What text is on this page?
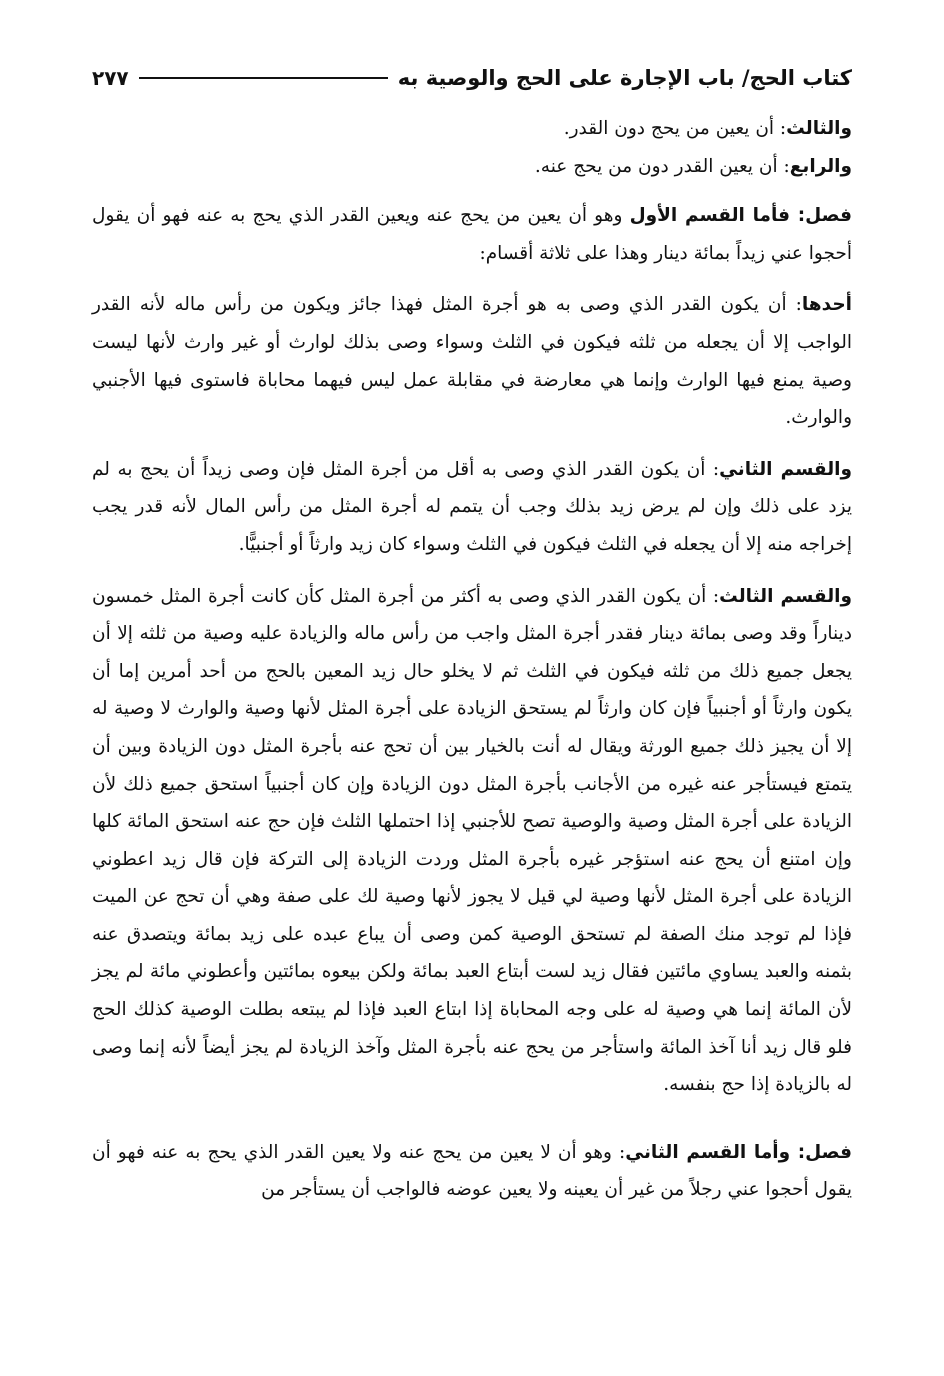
كتاب الحج/ باب الإجارة على الحج والوصية به
٢٧٧

والثالث: أن يعين من يحج دون القدر.

والرابع: أن يعين القدر دون من يحج عنه.

فصل: فأما القسم الأول وهو أن يعين من يحج عنه ويعين القدر الذي يحج به عنه فهو أن يقول أحجوا عني زيداً بمائة دينار وهذا على ثلاثة أقسام:

أحدها: أن يكون القدر الذي وصى به هو أجرة المثل فهذا جائز ويكون من رأس ماله لأنه القدر الواجب إلا أن يجعله من ثلثه فيكون في الثلث وسواء وصى بذلك لوارث أو غير وارث لأنها ليست وصية يمنع فيها الوارث وإنما هي معارضة في مقابلة عمل ليس فيهما محاباة فاستوى فيها الأجنبي والوارث.

والقسم الثاني: أن يكون القدر الذي وصى به أقل من أجرة المثل فإن وصى زيداً أن يحج به لم يزد على ذلك وإن لم يرض زيد بذلك وجب أن يتمم له أجرة المثل من رأس المال لأنه قدر يجب إخراجه منه إلا أن يجعله في الثلث فيكون في الثلث وسواء كان زيد وارثاً أو أجنبيًّا.

والقسم الثالث: أن يكون القدر الذي وصى به أكثر من أجرة المثل كأن كانت أجرة المثل خمسون ديناراً وقد وصى بمائة دينار فقدر أجرة المثل واجب من رأس ماله والزيادة عليه وصية من ثلثه إلا أن يجعل جميع ذلك من ثلثه فيكون في الثلث ثم لا يخلو حال زيد المعين بالحج من أحد أمرين إما أن يكون وارثاً أو أجنبياً فإن كان وارثاً لم يستحق الزيادة على أجرة المثل لأنها وصية والوارث لا وصية له إلا أن يجيز ذلك جميع الورثة ويقال له أنت بالخيار بين أن تحج عنه بأجرة المثل دون الزيادة وبين أن يتمتع فيستأجر عنه غيره من الأجانب بأجرة المثل دون الزيادة وإن كان أجنبياً استحق جميع ذلك لأن الزيادة على أجرة المثل وصية والوصية تصح للأجنبي إذا احتملها الثلث فإن حج عنه استحق المائة كلها وإن امتنع أن يحج عنه استؤجر غيره بأجرة المثل وردت الزيادة إلى التركة فإن قال زيد اعطوني الزيادة على أجرة المثل لأنها وصية لي قيل لا يجوز لأنها وصية لك على صفة وهي أن تحج عن الميت فإذا لم توجد منك الصفة لم تستحق الوصية كمن وصى أن يباع عبده على زيد بمائة ويتصدق عنه بثمنه والعبد يساوي مائتين فقال زيد لست أبتاع العبد بمائة ولكن بيعوه بمائتين وأعطوني مائة لم يجز لأن المائة إنما هي وصية له على وجه المحاباة إذا ابتاع العبد فإذا لم يبتعه بطلت الوصية كذلك الحج فلو قال زيد أنا آخذ المائة واستأجر من يحج عنه بأجرة المثل وآخذ الزيادة لم يجز أيضاً لأنه إنما وصى له بالزيادة إذا حج بنفسه.

فصل: وأما القسم الثاني: وهو أن لا يعين من يحج عنه ولا يعين القدر الذي يحج به عنه فهو أن يقول أحجوا عني رجلاً من غير أن يعينه ولا يعين عوضه فالواجب أن يستأجر من
